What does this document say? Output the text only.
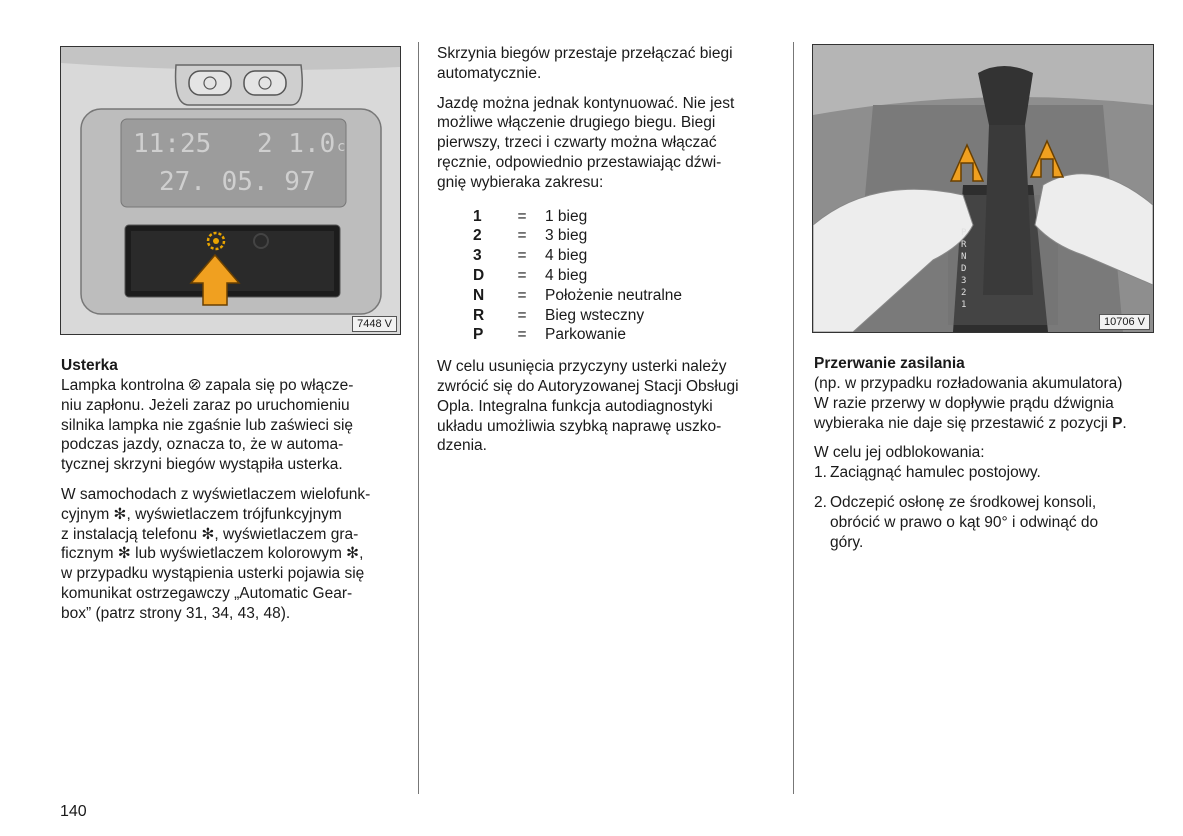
11:25 2 1.0 c
27. 05. 97
7448 V
P
R
N
D
3
2
1
10706 V
Usterka

Lampka kontrolna ⦼ zapala się po włącze-
niu zapłonu. Jeżeli zaraz po uruchomieniu
silnika lampka nie zgaśnie lub zaświeci się
podczas jazdy, oznacza to, że w automa-
tycznej skrzyni biegów wystąpiła usterka.

W samochodach z wyświetlaczem wielofunk-
cyjnym ✻, wyświetlaczem trójfunkcyjnym
z instalacją telefonu ✻, wyświetlaczem gra-
ficznym ✻ lub wyświetlaczem kolorowym ✻,
w przypadku wystąpienia usterki pojawia się
komunikat ostrzegawczy „Automatic Gear-
box” (patrz strony 31, 34, 43, 48).

Skrzynia biegów przestaje przełączać biegi
automatycznie.

Jazdę można jednak kontynuować. Nie jest
możliwe włączenie drugiego biegu. Biegi
pierwszy, trzeci i czwarty można włączać
ręcznie, odpowiednio przestawiając dźwi-
gnię wybieraka zakresu:

1	=	1 bieg
2	=	3 bieg
3	=	4 bieg
D	=	4 bieg
N	=	Położenie neutralne
R	=	Bieg wsteczny
P	=	Parkowanie

W celu usunięcia przyczyny usterki należy
zwrócić się do Autoryzowanej Stacji Obsługi
Opla. Integralna funkcja autodiagnostyki
układu umożliwia szybką naprawę uszko-
dzenia.

Przerwanie zasilania

(np. w przypadku rozładowania akumulatora)
W razie przerwy w dopływie prądu dźwignia
wybieraka nie daje się przestawić z pozycji P.

W celu jej odblokowania:
1. Zaciągnąć hamulec postojowy.
2. Odczepić osłonę ze środkowej konsoli,
obrócić w prawo o kąt 90° i odwinąć do
góry.
140
